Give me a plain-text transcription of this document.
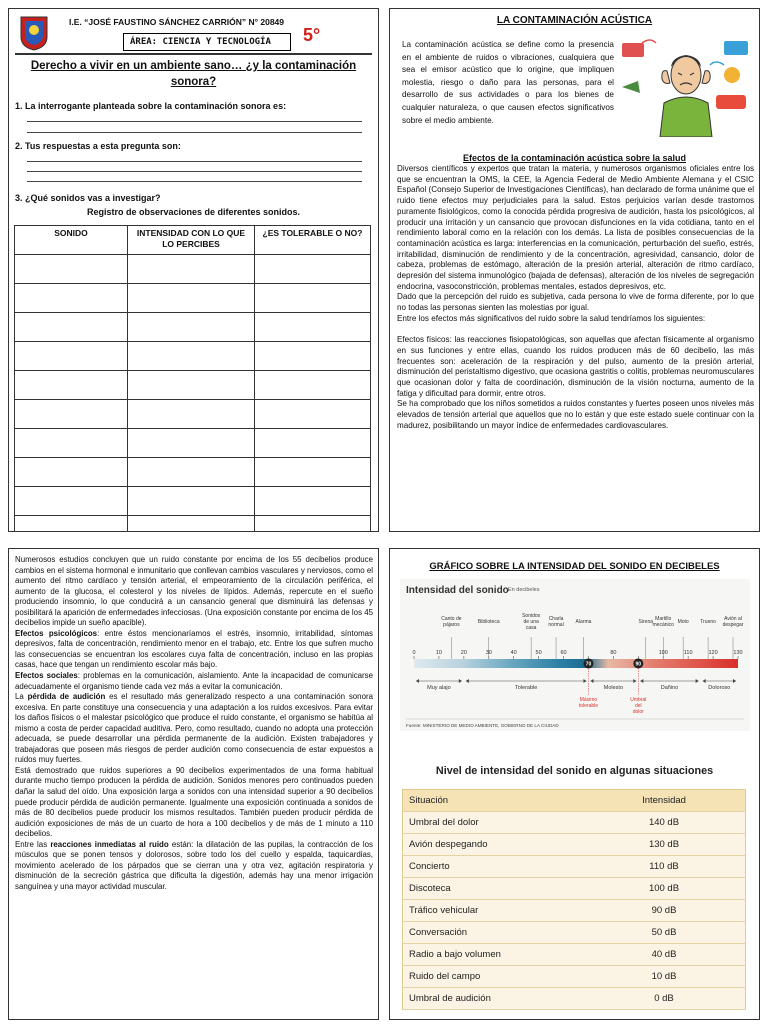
I.E. “JOSÉ FAUSTINO SÁNCHEZ CARRIÓN” N° 20849
ÁREA: CIENCIA Y TECNOLOGÍA	5°
Derecho a vivir en un ambiente sano… ¿y la contaminación sonora?
1. La interrogante planteada sobre la contaminación sonora es:
2. Tus respuestas a esta pregunta son:
3. ¿Qué sonidos vas a investigar?
Registro de observaciones de diferentes sonidos.
SONIDO	INTENSIDAD CON LO QUE LO PERCIBES	¿ES TOLERABLE O NO?

LA CONTAMINACIÓN ACÚSTICA
La contaminación acústica se define como la presencia en el ambiente de ruidos o vibraciones, cualquiera que sea el emisor acústico que lo origine, que impliquen molestia, riesgo o daño para las personas, para el desarrollo de sus actividades o para los bienes de cualquier naturaleza, o que causen efectos significativos sobre el medio ambiente.
Efectos de la contaminación acústica sobre la salud

Diversos científicos y expertos que tratan la materia, y numerosos organismos oficiales entre los que se encuentran la OMS, la CEE, la Agencia Federal de Medio Ambiente Alemana y el CSIC Español (Consejo Superior de Investigaciones Científicas), han declarado de forma unánime que el ruido tiene efectos muy perjudiciales para la salud. Estos perjuicios varían desde trastornos puramente fisiológicos, como la conocida pérdida progresiva de audición, hasta los psicológicos, al producir una irritación y un cansancio que provocan disfunciones en la vida cotidiana, tanto en el rendimiento laboral como en la relación con los demás. La lista de posibles consecuencias de la contaminación acústica es larga: interferencias en la comunicación, perturbación del sueño, estrés, irritabilidad, disminución de rendimiento y de la concentración, agresividad, cansancio, dolor de cabeza, problemas de estómago, alteración de la presión arterial, alteración de ritmo cardíaco, depresión del sistema inmunológico (bajada de defensas), alteración de los niveles de segregación endocrina, vasoconstricción, problemas mentales, estados depresivos, etc.

Dado que la percepción del ruido es subjetiva, cada persona lo vive de forma diferente, por lo que no todas las personas sienten las molestias por igual.

Entre los efectos más significativos del ruido sobre la salud tendríamos los siguientes:

Efectos físicos: las reacciones fisiopatológicas, son aquellas que afectan físicamente al organismo en sus funciones y entre ellas, cuando los ruidos producen más de 60 decibelio, las más frecuentes son: aceleración de la respiración y del pulso, aumento de la presión arterial, disminución del peristaltismo digestivo, que ocasiona gastritis o colitis, problemas neuromusculares que ocasionan dolor y falta de coordinación, disminución de la visión nocturna, aumento de la fatiga y dificultad para dormir, entre otros.

Se ha comprobado que los niños sometidos a ruidos constantes y fuertes poseen unos niveles más elevados de tensión arterial que aquellos que no lo están y que este estado suele continuar con la madurez, posibilitando un mayor índice de enfermedades cardiovasculares.

Numerosos estudios concluyen que un ruido constante por encima de los 55 decibelios produce cambios en el sistema hormonal e inmunitario que conllevan cambios vasculares y nerviosos, como el aumento del ritmo cardíaco y tensión arterial, el empeoramiento de la circulación periférica, el aumento de la glucosa, el colesterol y los niveles de lípidos. Además, repercute en el sueño produciendo insomnio, lo que conducirá a un cansancio general que disminuirá las defensas y posibilitará la aparición de enfermedades infecciosas. (Una exposición constante por encima de los 45 decibelios impide un sueño apacible).

Efectos psicológicos: entre éstos mencionaríamos el estrés, insomnio, irritabilidad, síntomas depresivos, falta de concentración, rendimiento menor en el trabajo, etc. Entre los que sufren mucho las consecuencias se encuentran los escolares cuya falta de concentración, incluso en las propias casas, hace que tengan un rendimiento escolar más bajo.

Efectos sociales: problemas en la comunicación, aislamiento. Ante la incapacidad de comunicarse adecuadamente el organismo tiende cada vez más a evitar la comunicación.

La pérdida de audición es el resultado más generalizado respecto a una contaminación sonora excesiva. En parte constituye una consecuencia y una adaptación a los ruidos excesivos. Para evitar los daños físicos o el malestar psicológico que produce el ruido constante, el organismo se habitúa al mismo a costa de perder capacidad auditiva. Pero, como resultado, cuando no adopta una protección adecuada, se puede desarrollar una pérdida permanente de la audición. Existen trabajadores y trabajadoras que poseen más riesgos de perder audición como consecuencia de estar expuestos a ruidos muy fuertes.

Está demostrado que ruidos superiores a 90 decibelios experimentados de una forma habitual durante mucho tiempo producen la pérdida de audición. Sonidos menores pero continuados pueden dañar la salud del oído. Una exposición larga a sonidos con una intensidad superior a 90 decibelios puede producir pérdida de audición permanente. Igualmente una exposición continuada a sonidos de más de 80 decibelios puede producir los mismos resultados. También pueden producir pérdida de audición exposiciones de más de un cuarto de hora a 100 decibelios y de más de 1 minuto a 110 decibelios.

Entre las reacciones inmediatas al ruido están: la dilatación de las pupilas, la contracción de los músculos que se ponen tensos y dolorosos, sobre todo los del cuello y espalda, taquicardias, movimiento acelerado de los párpados que se cierran una y otra vez, agitación respiratoria y disminución de la secreción gástrica que dificulta la digestión, además hay una menor irrigación sanguínea y una mayor actividad muscular.

GRÁFICO SOBRE LA INTENSIDAD DEL SONIDO EN DECIBELES
Intensidad del sonido En decibeles
Canto de
pájaros	Biblioteca
Sonidos
de una
casa
Charla
normal Alarma	Sirena Martillo
mecánico Moto Trueno Avión al
despegar
0	10	20	30	40	50	60
70
80
90
100	110	120	130
Muy alajo	Tolerable	Molesto	Dañino	Doloroso
Máximo
tolerable
Umbral
del
dolor
Fuente: MINISTERIO DE MEDIO AMBIENTE, GOBIERNO DE LA CIUDAD
Nivel de intensidad del sonido en algunas situaciones
Situación	Intensidad
Umbral del dolor	140 dB
Avión despegando	130 dB
Concierto	110 dB
Discoteca	100 dB
Tráfico vehicular	90 dB
Conversación	50 dB
Radio a bajo volumen	40 dB
Ruido del campo	10 dB
Umbral de audición	0 dB
